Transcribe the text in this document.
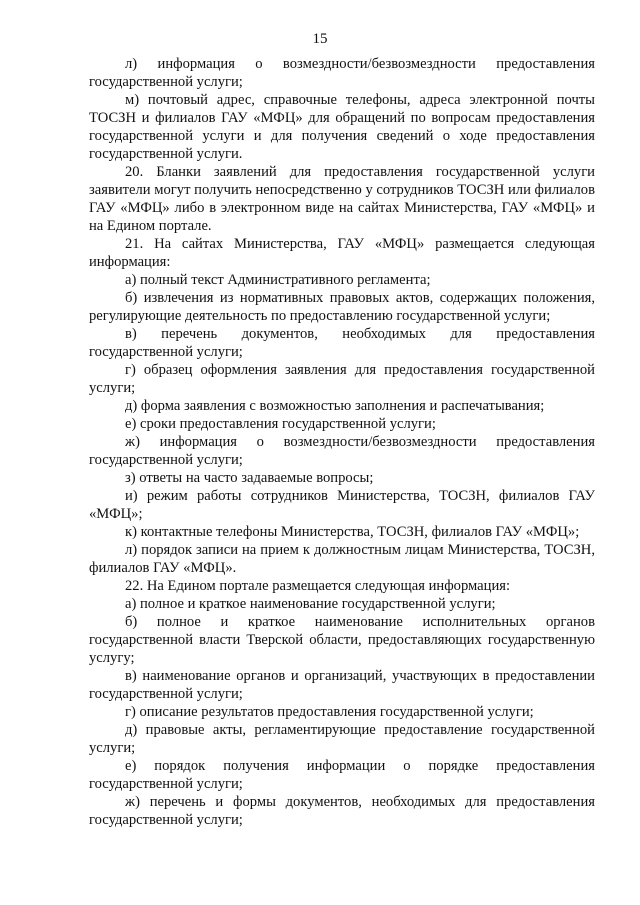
15

л) информация о возмездности/безвозмездности предоставления государственной услуги;

м) почтовый адрес, справочные телефоны, адреса электронной почты ТОСЗН и филиалов ГАУ «МФЦ» для обращений по вопросам предоставления государственной услуги и для получения сведений о ходе предоставления государственной услуги.

20. Бланки заявлений для предоставления государственной услуги заявители могут получить непосредственно у сотрудников ТОСЗН или филиалов ГАУ «МФЦ» либо в электронном виде на сайтах Министерства, ГАУ «МФЦ» и на Едином портале.

21. На сайтах Министерства, ГАУ «МФЦ» размещается следующая информация:

а) полный текст Административного регламента;

б) извлечения из нормативных правовых актов, содержащих положения, регулирующие деятельность по предоставлению государственной услуги;

в) перечень документов, необходимых для предоставления государственной услуги;

г) образец оформления заявления для предоставления государственной услуги;

д) форма заявления с возможностью заполнения и распечатывания;

е) сроки предоставления государственной услуги;

ж) информация о возмездности/безвозмездности предоставления государственной услуги;

з) ответы на часто задаваемые вопросы;

и) режим работы сотрудников Министерства, ТОСЗН, филиалов ГАУ «МФЦ»;

к) контактные телефоны Министерства, ТОСЗН, филиалов ГАУ «МФЦ»;

л) порядок записи на прием к должностным лицам Министерства, ТОСЗН, филиалов ГАУ «МФЦ».

22. На Едином портале размещается следующая информация:

а) полное и краткое наименование государственной услуги;

б) полное и краткое наименование исполнительных органов государственной власти Тверской области, предоставляющих государственную услугу;

в) наименование органов и организаций, участвующих в предоставлении государственной услуги;

г) описание результатов предоставления государственной услуги;

д) правовые акты, регламентирующие предоставление государственной услуги;

е) порядок получения информации о порядке предоставления государственной услуги;

ж) перечень и формы документов, необходимых для предоставления государственной услуги;
